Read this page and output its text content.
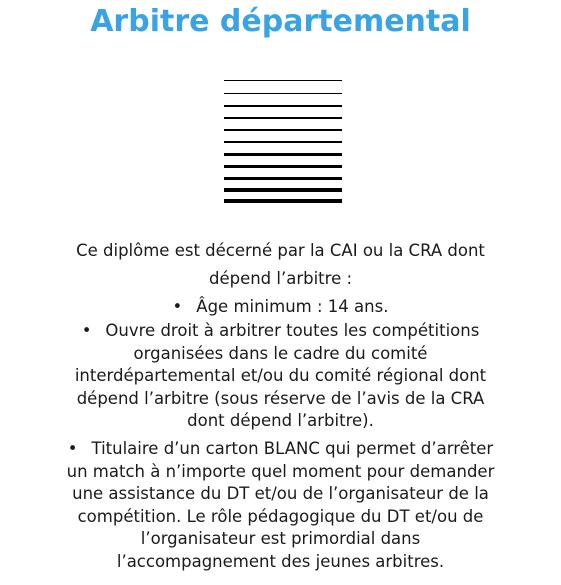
Arbitre départemental
Ce diplôme est décerné par la CAI ou la CRA dont
dépend l’arbitre :
• Âge minimum : 14 ans.
• Ouvre droit à arbitrer toutes les compétitions
organisées dans le cadre du comité
interdépartemental et/ou du comité régional dont
dépend l’arbitre (sous réserve de l’avis de la CRA
dont dépend l’arbitre).
• Titulaire d’un carton BLANC qui permet d’arrêter
un match à n’importe quel moment pour demander
une assistance du DT et/ou de l’organisateur de la
compétition. Le rôle pédagogique du DT et/ou de
l’organisateur est primordial dans
l’accompagnement des jeunes arbitres.
